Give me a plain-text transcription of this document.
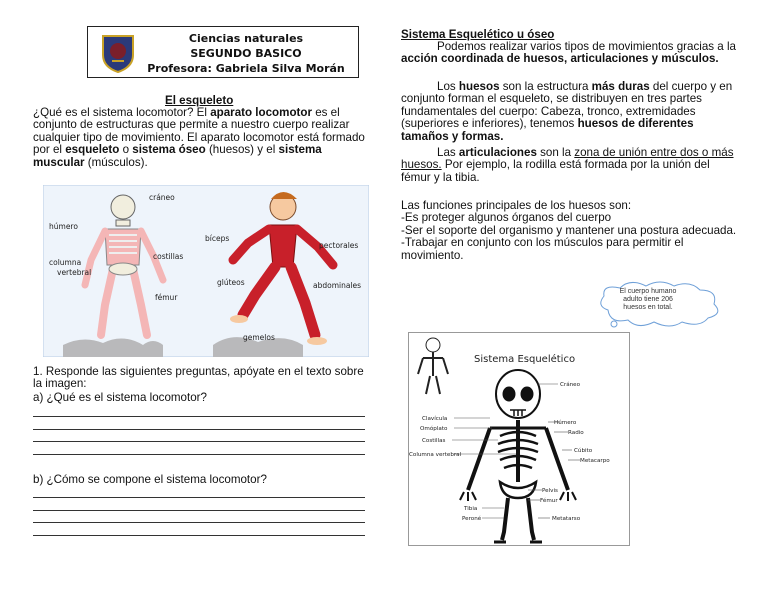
Ciencias naturales
SEGUNDO BASICO
Profesora: Gabriela Silva Morán
El esqueleto
¿Qué es el sistema locomotor? El aparato locomotor es el conjunto de estructuras que permite a nuestro cuerpo realizar cualquier tipo de movimiento. El aparato locomotor está formado por el esqueleto o sistema óseo (huesos) y el sistema muscular (músculos).
cráneo
húmero
columna
vertebral
costillas
fémur
bíceps
pectorales
glúteos	abdominales
gemelos
1. Responde las siguientes preguntas, apóyate en el texto sobre la imagen:
a) ¿Qué es el sistema locomotor?
b) ¿Cómo se compone el sistema locomotor?
Sistema Esquelético u óseo
Podemos realizar varios tipos de movimientos gracias a la acción coordinada de huesos, articulaciones y músculos.
Los huesos son la estructura más duras del cuerpo y en conjunto forman el esqueleto, se distribuyen en tres partes fundamentales del cuerpo: Cabeza, tronco, extremidades (superiores e inferiores), tenemos huesos de diferentes tamaños y formas.
Las articulaciones son la zona de unión entre dos o más huesos. Por ejemplo, la rodilla está formada por la unión del fémur y la tibia.
Las funciones principales de los huesos son:
-Es proteger algunos órganos del cuerpo
-Ser el soporte del organismo y mantener una postura adecuada.
-Trabajar en conjunto con los músculos para permitir el movimiento.
El cuerpo humano adulto tiene 206 huesos en total.
Sistema Esquelético
Cráneo
Clavícula
Omóplato
Costillas
Columna vertebral
Húmero
Radio
Cúbito
Metacarpo
Pelvis
Fémur
Tibia
Peroné	Metatarso
